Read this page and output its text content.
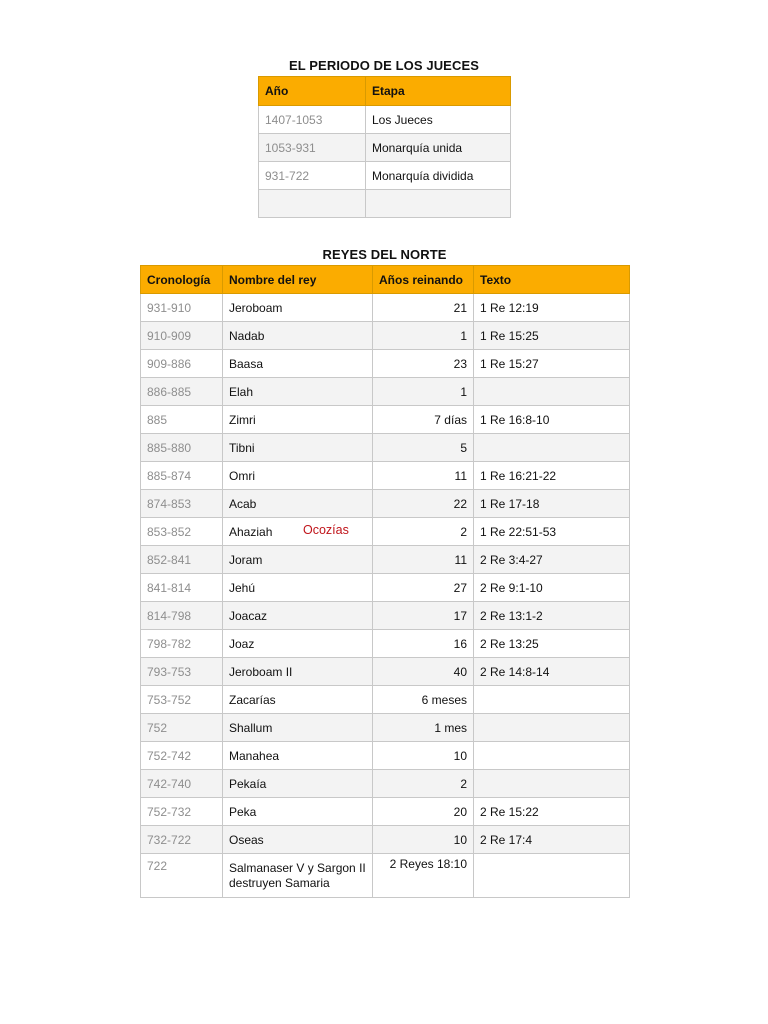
EL PERIODO DE LOS JUECES
Año	Etapa
1407-1053	Los Jueces
1053-931	Monarquía unida
931-722	Monarquía dividida

REYES DEL NORTE
Cronología	Nombre del rey	Años reinando	Texto
931-910	Jeroboam	21	1 Re 12:19
910-909	Nadab	1	1 Re 15:25
909-886	Baasa	23	1 Re 15:27
886-885	Elah	1	
885	Zimri	7 días	1 Re 16:8-10
885-880	Tibni	5	
885-874	Omri	11	1 Re 16:21-22
874-853	Acab	22	1 Re 17-18
853-852	Ahaziah	2	1 Re 22:51-53
852-841	Joram	11	2 Re 3:4-27
841-814	Jehú	27	2 Re 9:1-10
814-798	Joacaz	17	2 Re 13:1-2
798-782	Joaz	16	2 Re 13:25
793-753	Jeroboam II	40	2 Re 14:8-14
753-752	Zacarías	6 meses	
752	Shallum	1 mes	
752-742	Manahea	10	
742-740	Pekaía	2	
752-732	Peka	20	2 Re 15:22
732-722	Oseas	10	2 Re 17:4
722	Salmanaser V y Sargon II destruyen Samaria	2 Reyes 18:10	
Ocozías
